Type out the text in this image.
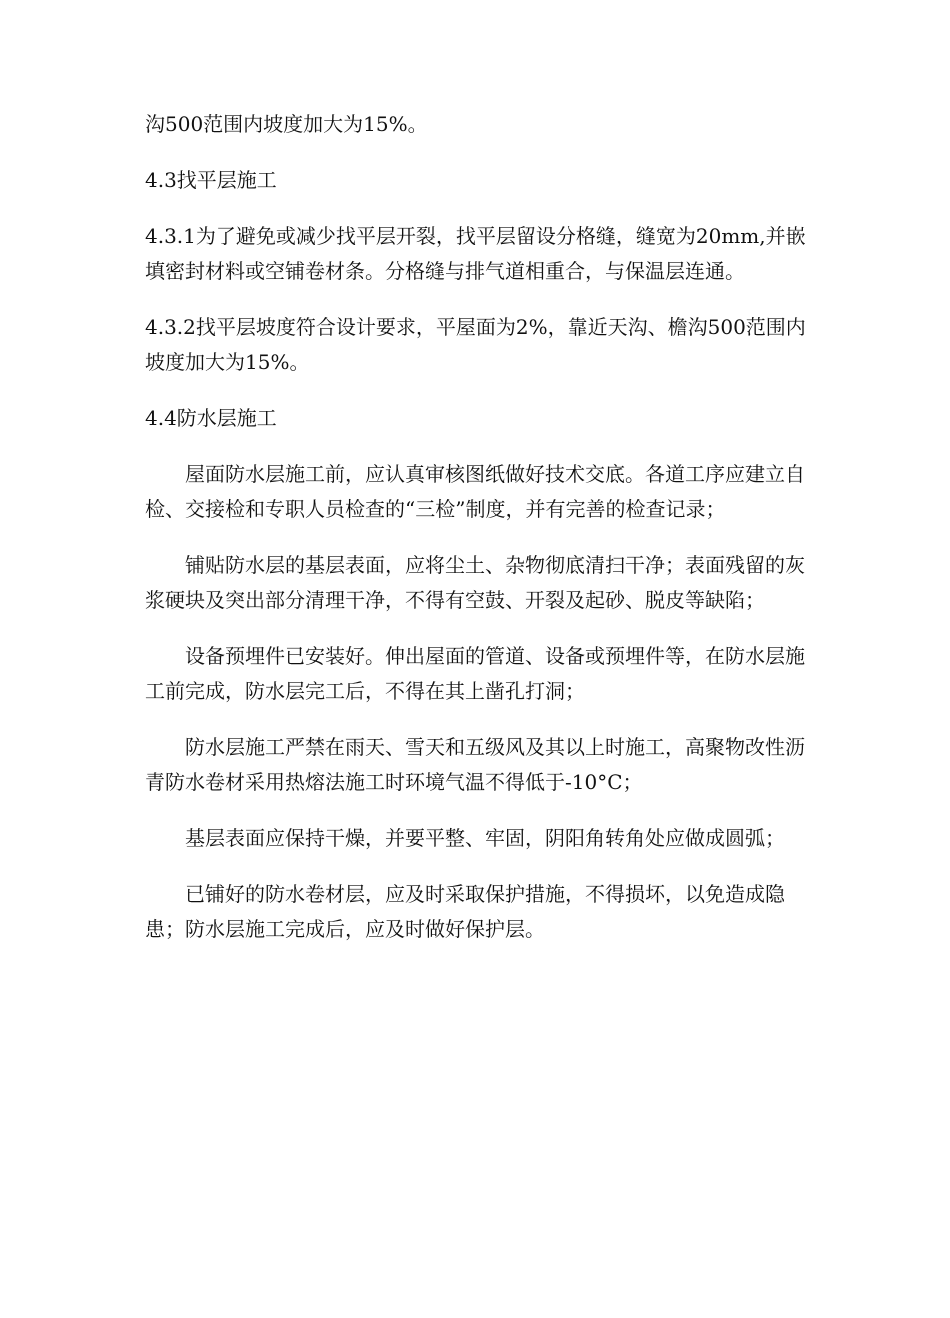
沟500范围内坡度加大为15%。

4.3找平层施工

4.3.1为了避免或减少找平层开裂，找平层留设分格缝，缝宽为20mm,并嵌填密封材料或空铺卷材条。分格缝与排气道相重合，与保温层连通。

4.3.2找平层坡度符合设计要求，平屋面为2%，靠近天沟、檐沟500范围内坡度加大为15%。

4.4防水层施工

屋面防水层施工前，应认真审核图纸做好技术交底。各道工序应建立自检、交接检和专职人员检查的“三检”制度，并有完善的检查记录；

铺贴防水层的基层表面，应将尘土、杂物彻底清扫干净；表面残留的灰浆硬块及突出部分清理干净，不得有空鼓、开裂及起砂、脱皮等缺陷；

设备预埋件已安装好。伸出屋面的管道、设备或预埋件等，在防水层施工前完成，防水层完工后，不得在其上凿孔打洞；

防水层施工严禁在雨天、雪天和五级风及其以上时施工，高聚物改性沥青防水卷材采用热熔法施工时环境气温不得低于-10°C；

基层表面应保持干燥，并要平整、牢固，阴阳角转角处应做成圆弧；

已铺好的防水卷材层，应及时采取保护措施，不得损坏，以免造成隐患；防水层施工完成后，应及时做好保护层。
